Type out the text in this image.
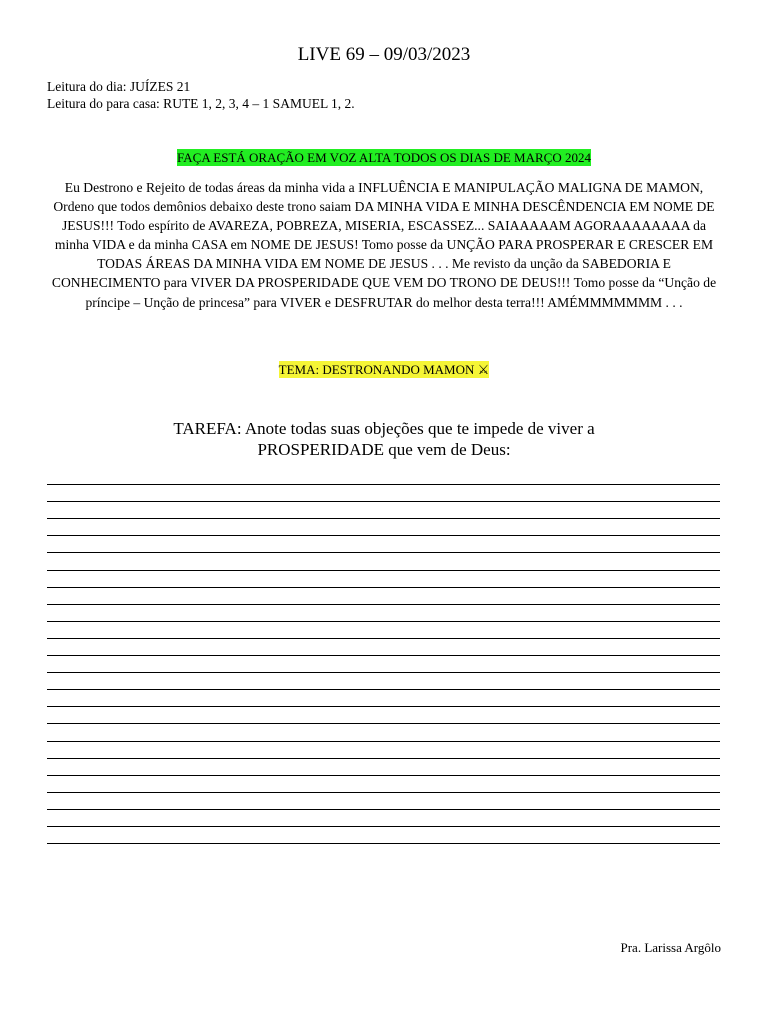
LIVE 69 – 09/03/2023
Leitura do dia: JUÍZES 21
Leitura do para casa: RUTE 1, 2, 3, 4 – 1 SAMUEL 1, 2.
FAÇA ESTÁ ORAÇÃO EM VOZ ALTA TODOS OS DIAS DE MARÇO 2024
Eu Destrono e Rejeito de todas áreas da minha vida a INFLUÊNCIA E MANIPULAÇÃO MALIGNA DE MAMON, Ordeno que todos demônios debaixo deste trono saiam DA MINHA VIDA E MINHA DESCÊNDENCIA EM NOME DE JESUS!!! Todo espírito de AVAREZA, POBREZA, MISERIA, ESCASSEZ... SAIAAAAAM AGORAAAAAAAA da minha VIDA e da minha CASA em NOME DE JESUS! Tomo posse da UNÇÃO PARA PROSPERAR E CRESCER EM TODAS ÁREAS DA MINHA VIDA EM NOME DE JESUS . . . Me revisto da unção da SABEDORIA E CONHECIMENTO para VIVER DA PROSPERIDADE QUE VEM DO TRONO DE DEUS!!! Tomo posse da “Unção de príncipe – Unção de princesa” para VIVER e DESFRUTAR do melhor desta terra!!! AMÉMMMMMMM . . .
TEMA: DESTRONANDO MAMON ⚔
TAREFA: Anote todas suas objeções que te impede de viver a
PROSPERIDADE que vem de Deus:
Pra. Larissa Argôlo
